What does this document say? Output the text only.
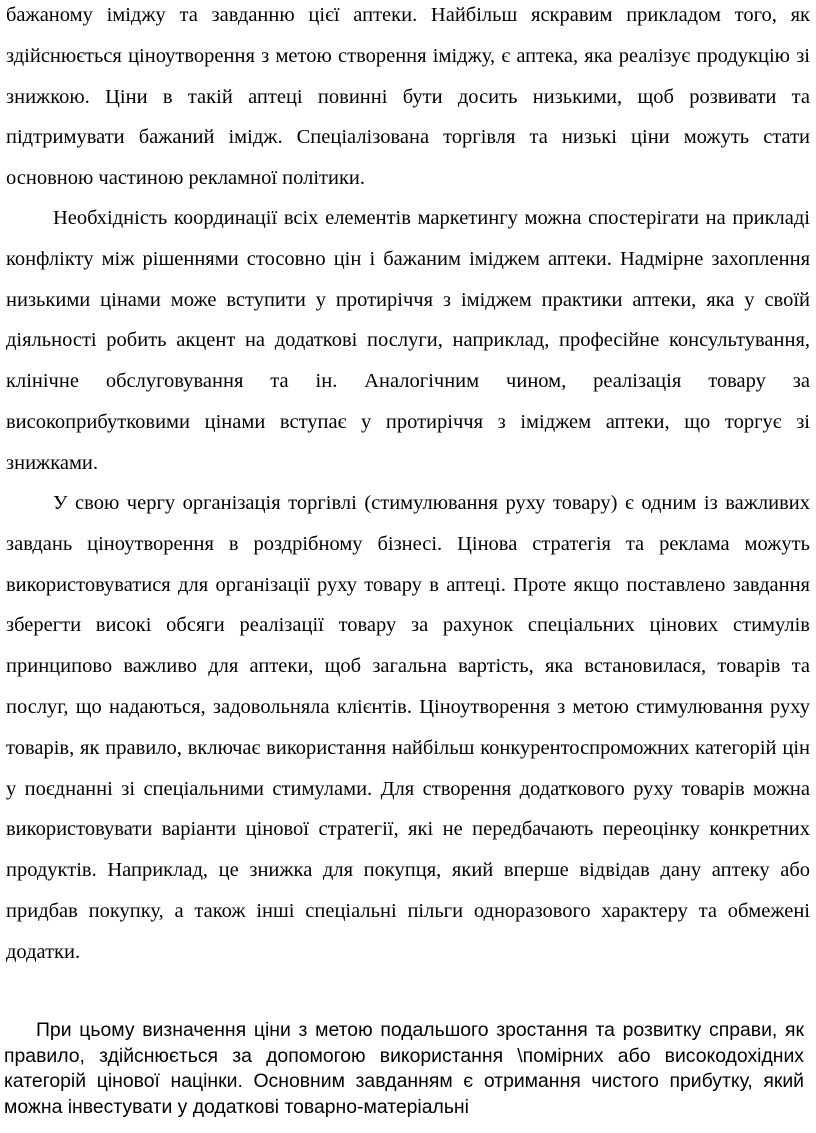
бажаному іміджу та завданню цієї аптеки. Найбільш яскравим прикладом того, як здійснюється ціноутворення з метою створення іміджу, є аптека, яка реалізує продукцію зі знижкою. Ціни в такій аптеці повинні бути досить низькими, щоб розвивати та підтримувати бажаний імідж. Спеціалізована торгівля та низькі ціни можуть стати основною частиною рекламної політики.

Необхідність координації всіх елементів маркетингу можна спостерігати на прикладі конфлікту між рішеннями стосовно цін і бажаним іміджем аптеки. Надмірне захоплення низькими цінами може вступити у протиріччя з іміджем практики аптеки, яка у своїй діяльності робить акцент на додаткові послуги, наприклад, професійне консультування, клінічне обслуговування та ін. Аналогічним чином, реалізація товару за високоприбутковими цінами вступає у протиріччя з іміджем аптеки, що торгує зі знижками.

У свою чергу організація торгівлі (стимулювання руху товару) є одним із важливих завдань ціноутворення в роздрібному бізнесі. Цінова стратегія та реклама можуть використовуватися для організації руху товару в аптеці. Проте якщо поставлено завдання зберегти високі обсяги реалізації товару за рахунок спеціальних цінових стимулів принципово важливо для аптеки, щоб загальна вартість, яка встановилася, товарів та послуг, що надаються, задовольняла клієнтів. Ціноутворення з метою стимулювання руху товарів, як правило, включає використання найбільш конкурентоспроможних категорій цін у поєднанні зі спеціальними стимулами. Для створення додаткового руху товарів можна використовувати варіанти цінової стратегії, які не передбачають переоцінку конкретних продуктів. Наприклад, це знижка для покупця, який вперше відвідав дану аптеку або придбав покупку, а також інші спеціальні пільги одноразового характеру та обмежені додатки.

При цьому визначення ціни з метою подальшого зростання та розвитку справи, як правило, здійснюється за допомогою використання \помірних або високодохідних категорій цінової націнки. Основним завданням є отримання чистого прибутку, який можна інвестувати у додаткові товарно-матеріальні
